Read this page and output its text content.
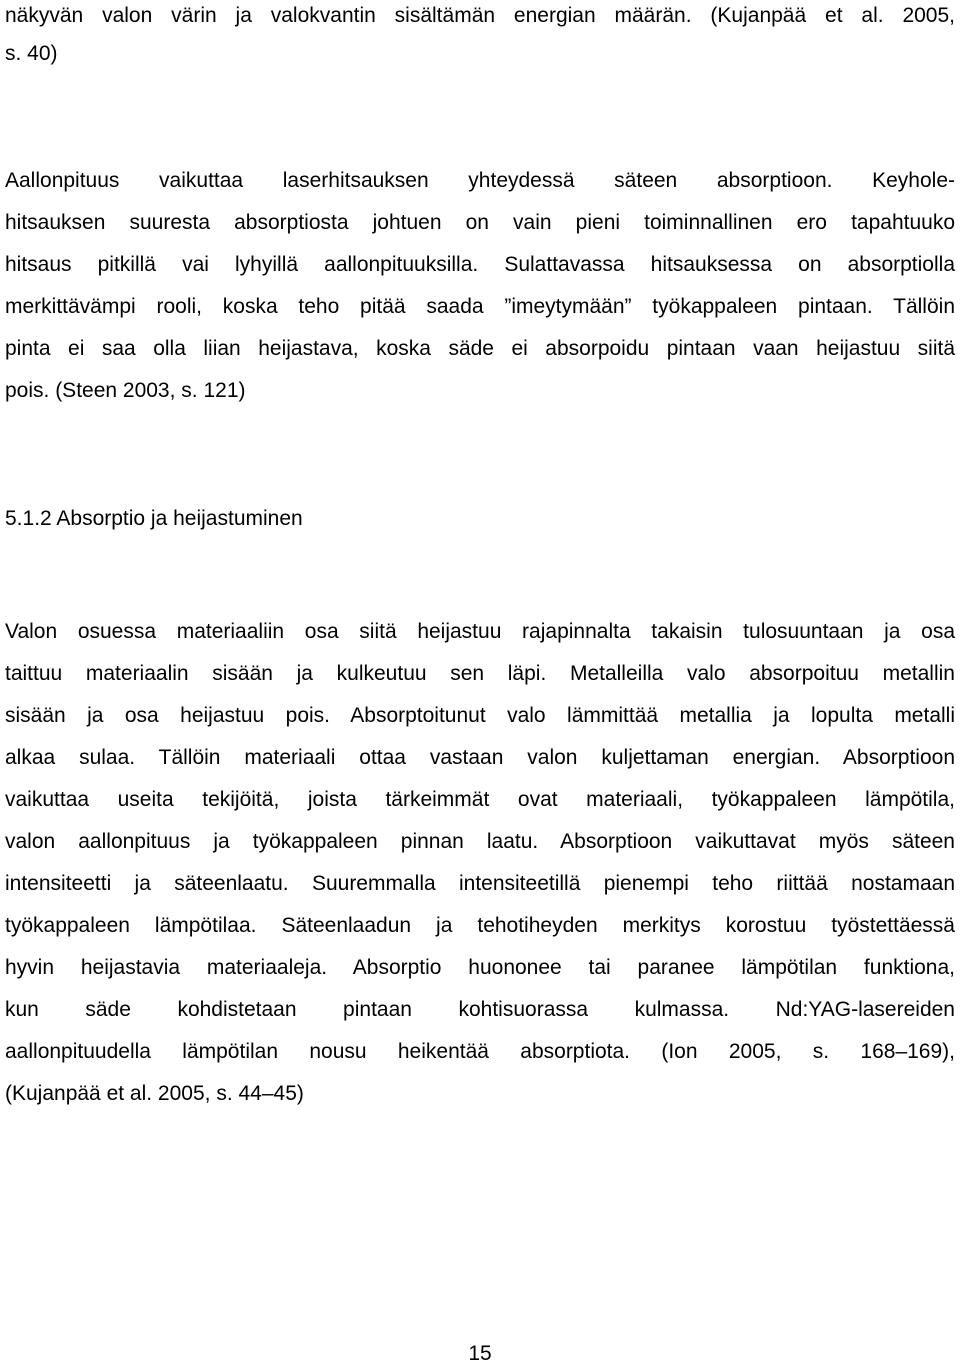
näkyvän valon värin ja valokvantin sisältämän energian määrän. (Kujanpää et al. 2005,
s. 40)
Aallonpituus vaikuttaa laserhitsauksen yhteydessä säteen absorptioon. Keyhole-
hitsauksen suuresta absorptiosta johtuen on vain pieni toiminnallinen ero tapahtuuko
hitsaus pitkillä vai lyhyillä aallonpituuksilla. Sulattavassa hitsauksessa on absorptiolla
merkittävämpi rooli, koska teho pitää saada ”imeytymään” työkappaleen pintaan. Tällöin
pinta ei saa olla liian heijastava, koska säde ei absorpoidu pintaan vaan heijastuu siitä
pois. (Steen 2003, s. 121)
5.1.2 Absorptio ja heijastuminen
Valon osuessa materiaaliin osa siitä heijastuu rajapinnalta takaisin tulosuuntaan ja osa
taittuu materiaalin sisään ja kulkeutuu sen läpi. Metalleilla valo absorpoituu metallin
sisään ja osa heijastuu pois. Absorptoitunut valo lämmittää metallia ja lopulta metalli
alkaa sulaa. Tällöin materiaali ottaa vastaan valon kuljettaman energian. Absorptioon
vaikuttaa useita tekijöitä, joista tärkeimmät ovat materiaali, työkappaleen lämpötila,
valon aallonpituus ja työkappaleen pinnan laatu. Absorptioon vaikuttavat myös säteen
intensiteetti ja säteenlaatu. Suuremmalla intensiteetillä pienempi teho riittää nostamaan
työkappaleen lämpötilaa. Säteenlaadun ja tehotiheyden merkitys korostuu työstettäessä
hyvin heijastavia materiaaleja. Absorptio huononee tai paranee lämpötilan funktiona,
kun säde kohdistetaan pintaan kohtisuorassa kulmassa. Nd:YAG-lasereiden
aallonpituudella lämpötilan nousu heikentää absorptiota. (Ion 2005, s. 168–169),
(Kujanpää et al. 2005, s. 44–45)
15
